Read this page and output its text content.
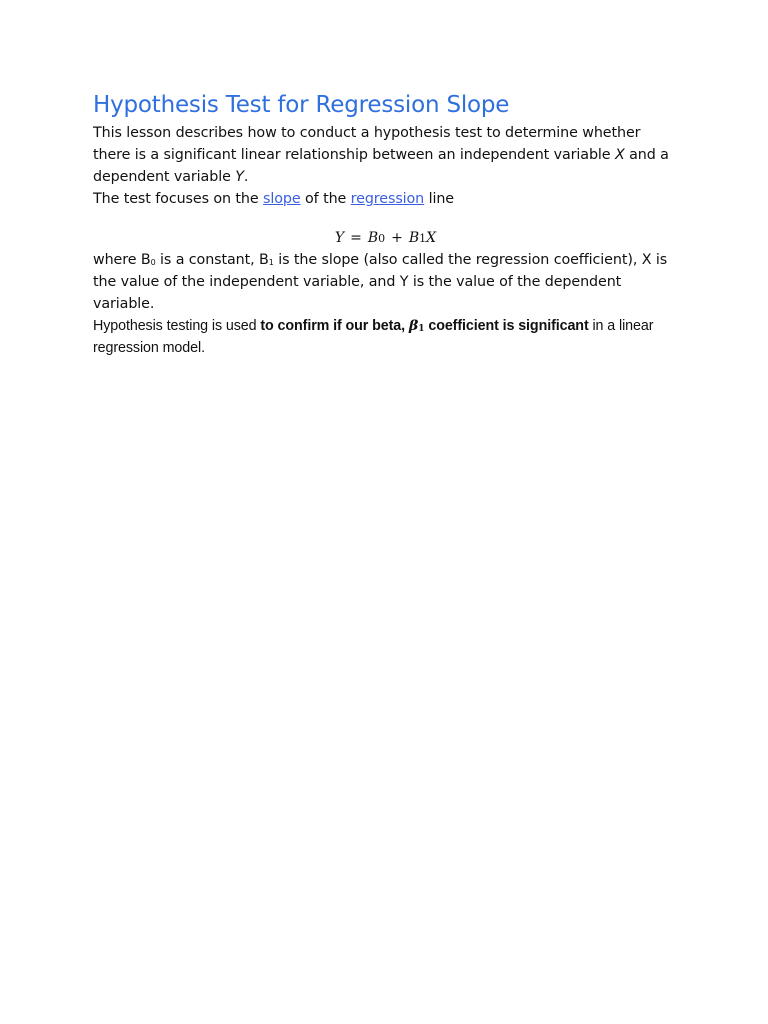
Hypothesis Test for Regression Slope

This lesson describes how to conduct a hypothesis test to determine whether there is a significant linear relationship between an independent variable X and a dependent variable Y.

The test focuses on the slope of the regression line

Y = B0 + B1X

where $B_0$ is a constant, $B_1$ is the slope (also called the regression coefficient), X is the value of the independent variable, and Y is the value of the dependent variable.

Hypothesis testing is used to confirm if our beta, β1 coefficient is significant in a linear regression model.
